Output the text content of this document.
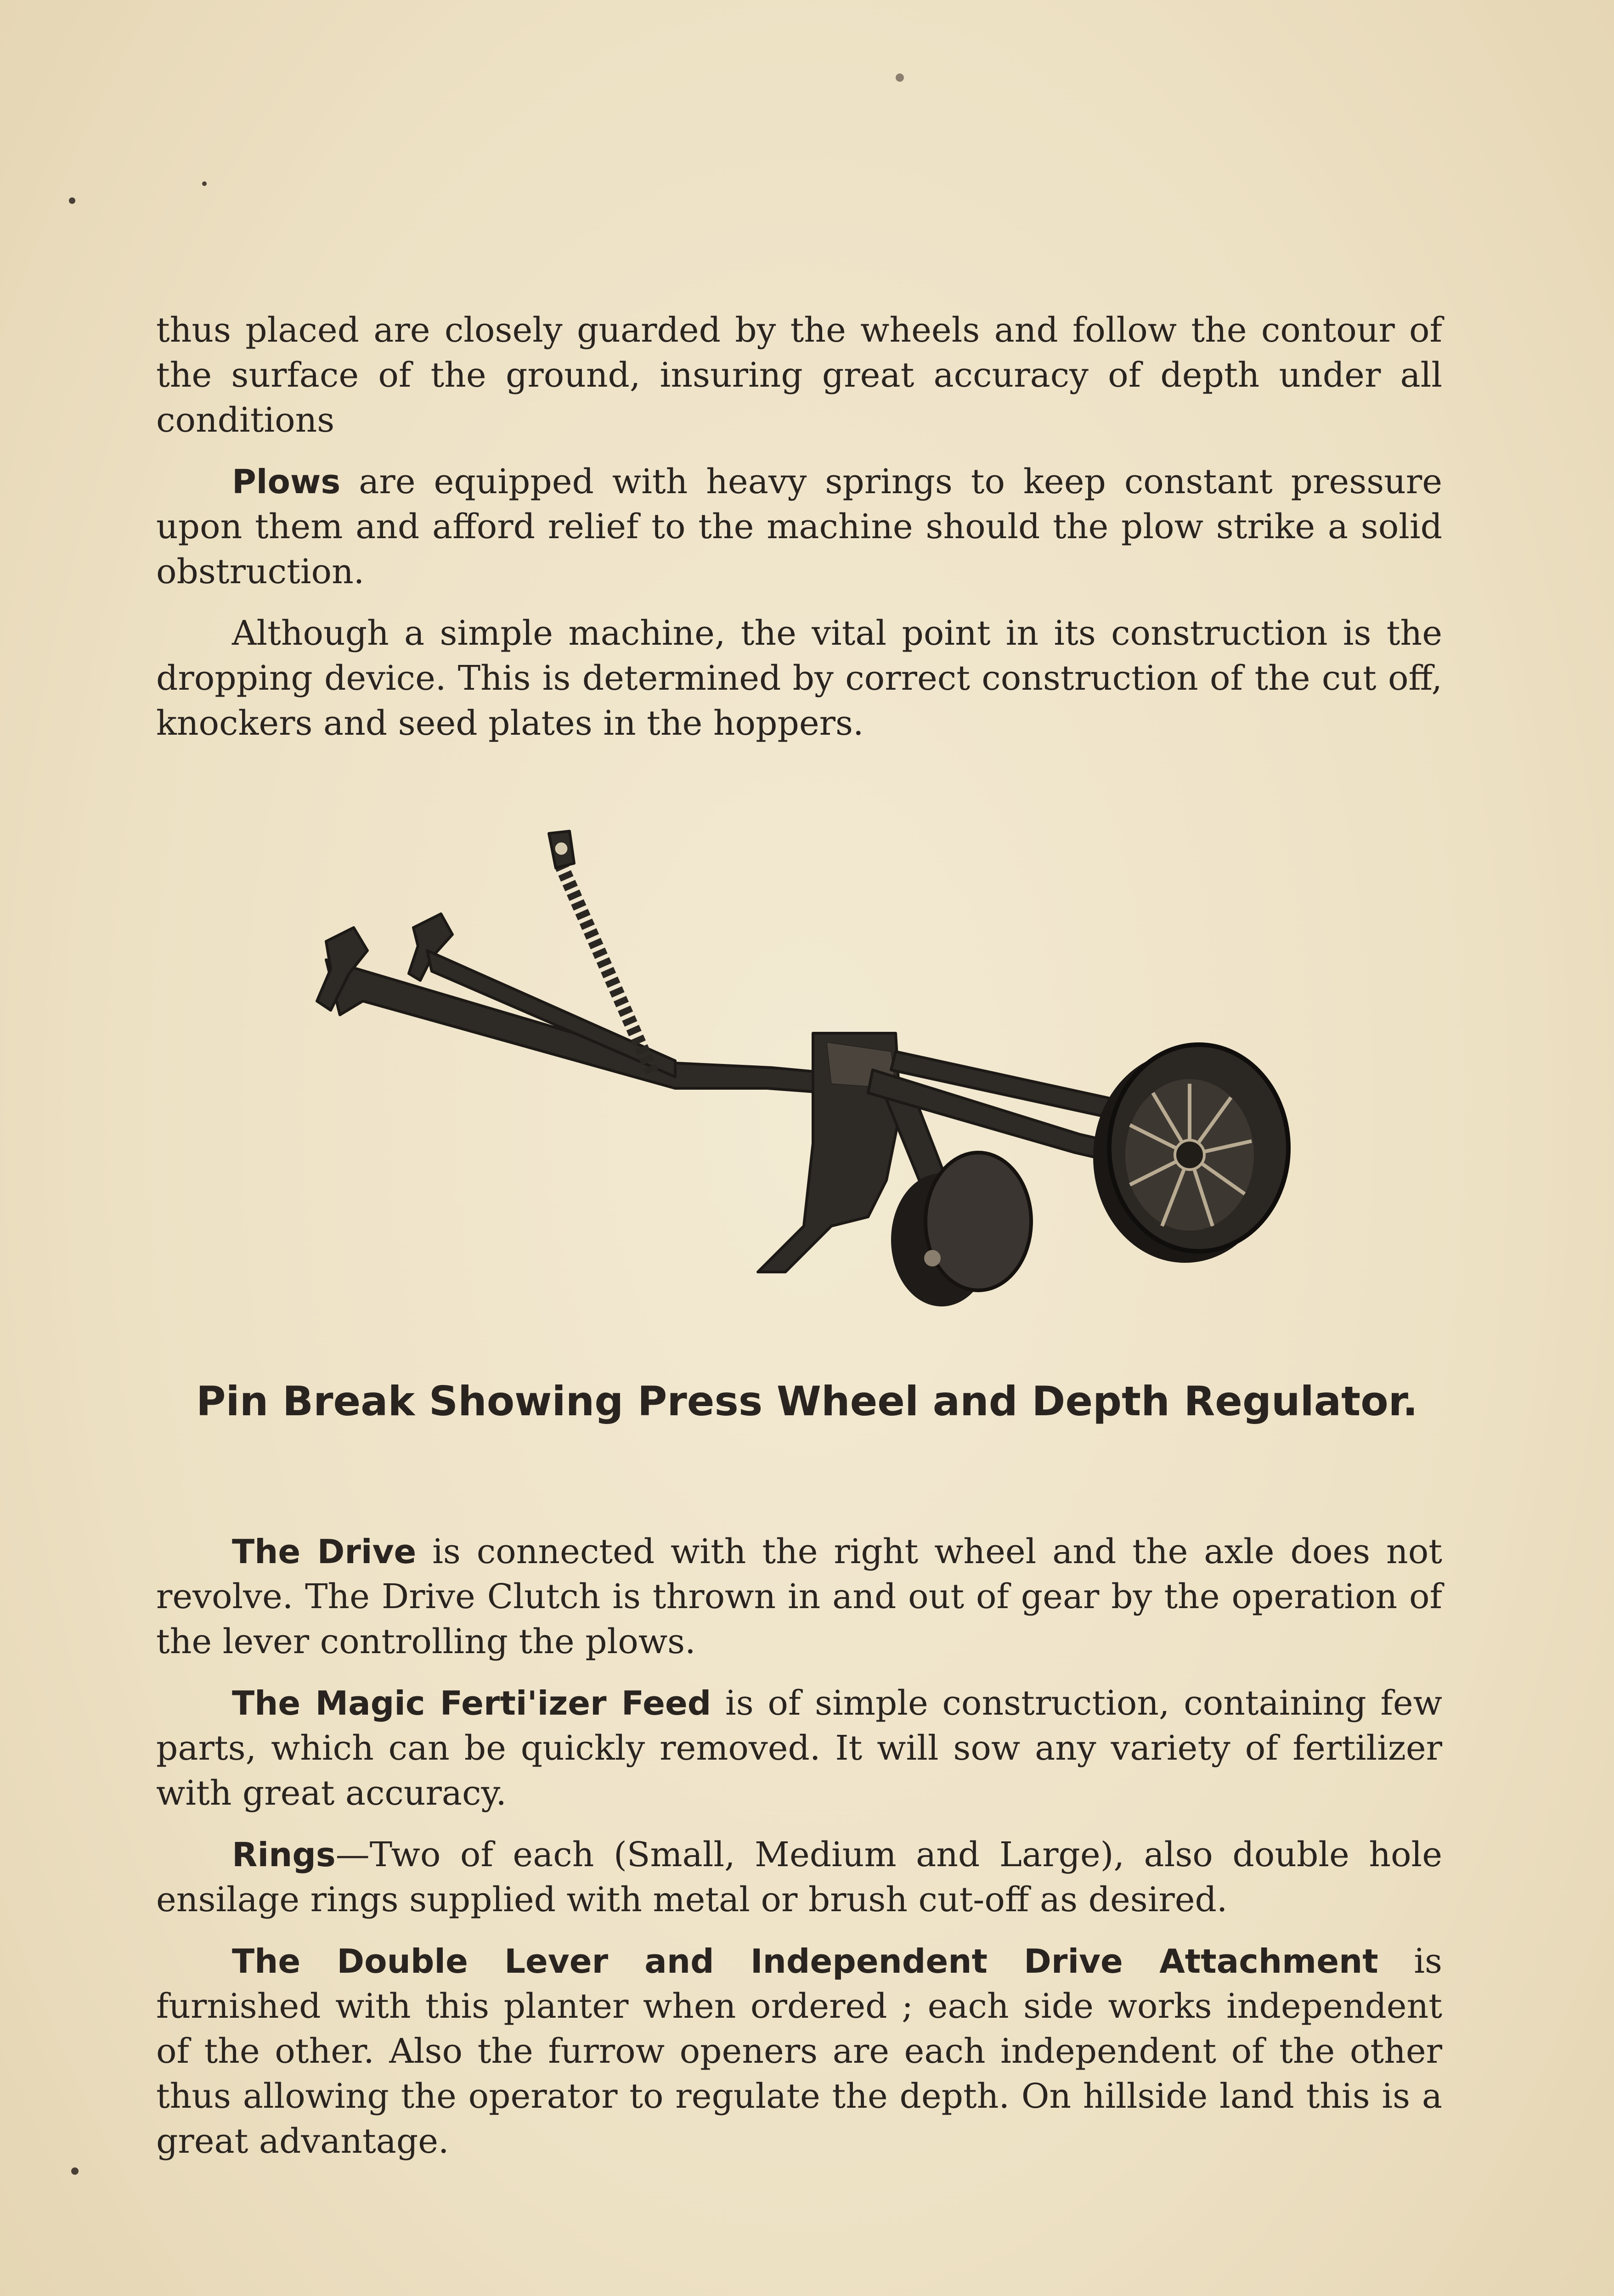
thus placed are closely guarded by the wheels and follow the contour of the surface of the ground, insuring great accuracy of depth under all conditions

Plows are equipped with heavy springs to keep constant pressure upon them and afford relief to the machine should the plow strike a solid obstruction.

Although a simple machine, the vital point in its construction is the dropping device. This is determined by correct construction of the cut off, knockers and seed plates in the hoppers.

Pin Break Showing Press Wheel and Depth Regulator.

The Drive is connected with the right wheel and the axle does not revolve. The Drive Clutch is thrown in and out of gear by the operation of the lever controlling the plows.

The Magic Ferti'izer Feed is of simple construction, containing few parts, which can be quickly removed. It will sow any variety of fertilizer with great accuracy.

Rings—Two of each (Small, Medium and Large), also double hole ensilage rings supplied with metal or brush cut-off as desired.

The Double Lever and Independent Drive Attachment is furnished with this planter when ordered ; each side works independent of the other. Also the furrow openers are each independent of the other thus allowing the operator to regulate the depth. On hillside land this is a great advantage.
